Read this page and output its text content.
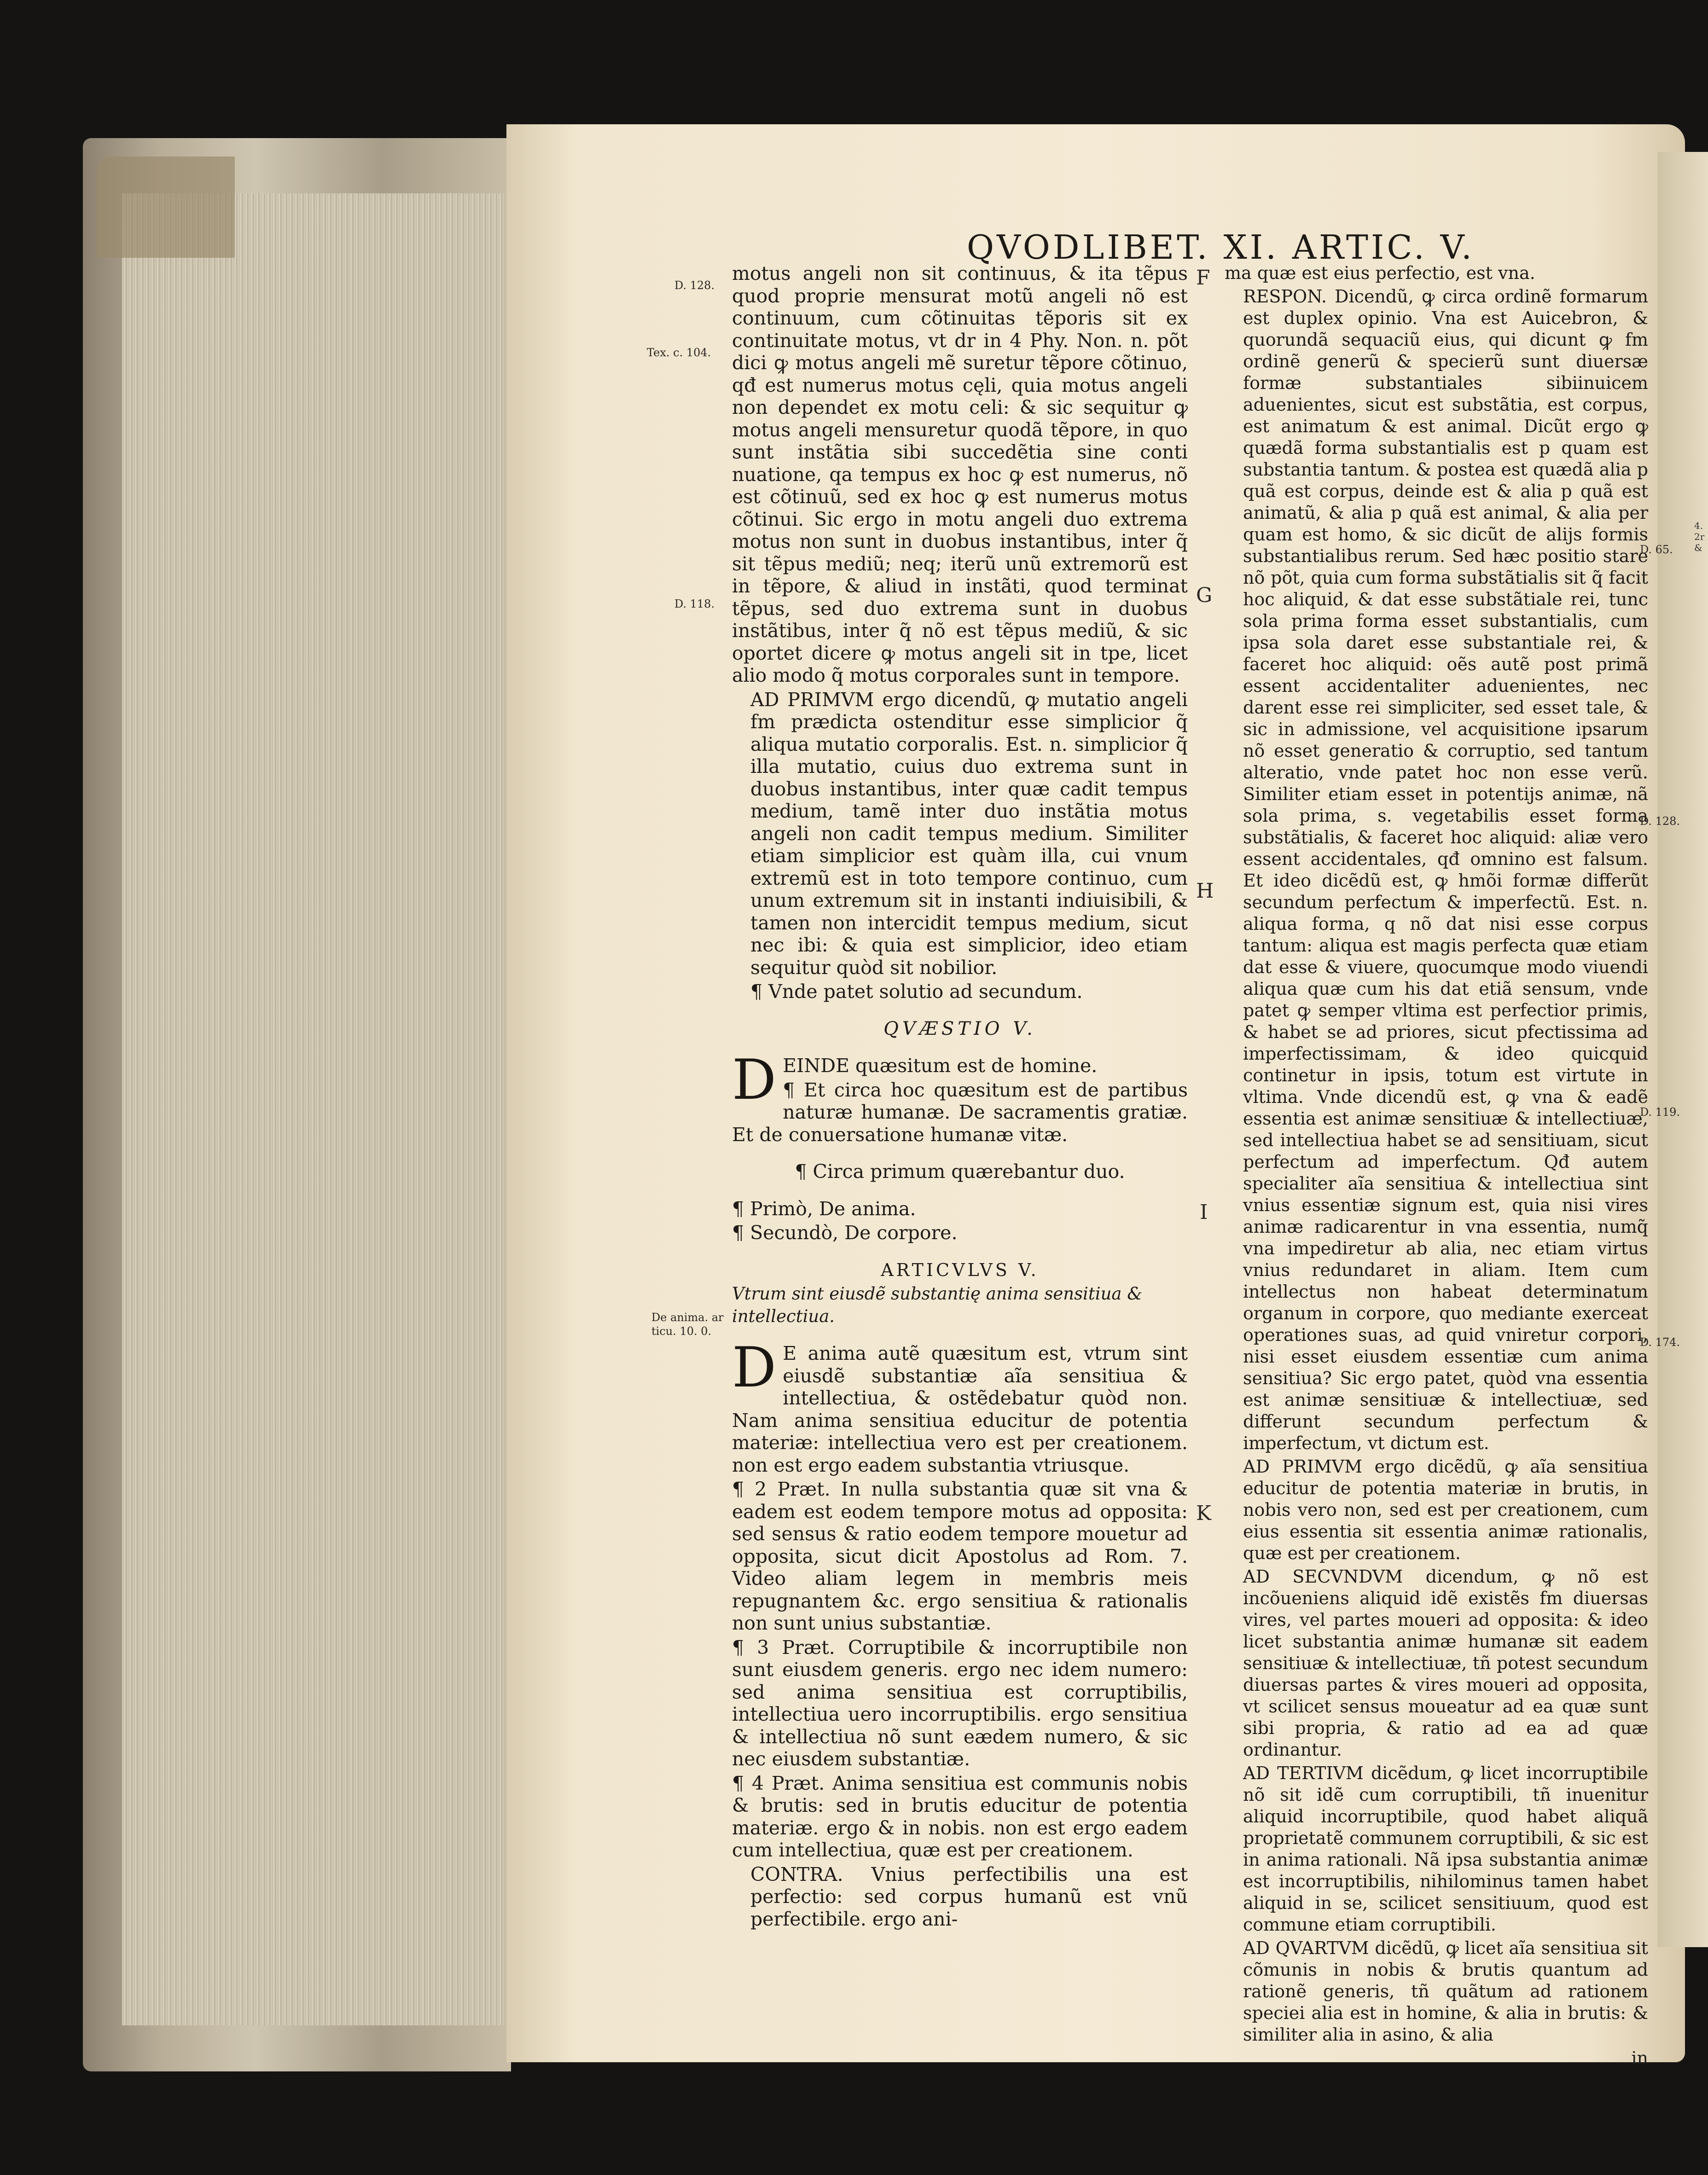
4. 2r &
QVODLIBET. XI. ARTIC. V.
D. 128.
Tex. c. 104.
D. 118.
De anima. ar
ticu. 10. 0.
F
G
H
I
K
D. 65.
D. 128.
D. 119.
D. 174.

motus angeli non sit continuus, & ita tẽpus quod proprie mensurat motũ angeli nõ est continuum, cum cõtinuitas tẽporis sit ex continuitate motus, vt dr in 4 Phy. Non. n. põt dici ꝙ motus angeli mẽ suretur tẽpore cõtinuo, qđ est numerus motus cęli, quia motus angeli non dependet ex motu celi: & sic sequitur ꝙ motus angeli mensuretur quodã tẽpore, in quo sunt instãtia sibi succedẽtia sine conti nuatione, qa tempus ex hoc ꝙ est numerus, nõ est cõtinuũ, sed ex hoc ꝙ est numerus motus cõtinui. Sic ergo in motu angeli duo extrema motus non sunt in duobus instantibus, inter q̃ sit tẽpus mediũ; neq; iterũ unũ extremorũ est in tẽpore, & aliud in instãti, quod terminat tẽpus, sed duo extrema sunt in duobus instãtibus, inter q̃ nõ est tẽpus mediũ, & sic oportet dicere ꝙ motus angeli sit in tpe, licet alio modo q̃ motus corporales sunt in tempore.

AD PRIMVM ergo dicendũ, ꝙ mutatio angeli fm prædicta ostenditur esse simplicior q̃ aliqua mutatio corporalis. Est. n. simplicior q̃ illa mutatio, cuius duo extrema sunt in duobus instantibus, inter quæ cadit tempus medium, tamẽ inter duo instãtia motus angeli non cadit tempus medium. Similiter etiam simplicior est quàm illa, cui vnum extremũ est in toto tempore continuo, cum unum extremum sit in instanti indiuisibili, & tamen non intercidit tempus medium, sicut nec ibi: & quia est simplicior, ideo etiam sequitur quòd sit nobilior.

¶ Vnde patet solutio ad secundum.

QVÆSTIO V.

DEINDE quæsitum est de homine.

¶ Et circa hoc quæsitum est de partibus naturæ humanæ. De sacramentis gratiæ. Et de conuersatione humanæ vitæ.

¶ Circa primum quærebantur duo.

¶ Primò, De anima.

¶ Secundò, De corpore.

ARTICVLVS V.

Vtrum sint eiusdẽ substantię anima sensitiua & intellectiua.

D E anima autẽ quæsitum est, vtrum sint eiusdẽ substantiæ aĩa sensitiua & intellectiua, & ostẽdebatur quòd non. Nam anima sensitiua educitur de potentia materiæ: intellectiua vero est per creationem. non est ergo eadem substantia vtriusque.

¶ 2 Præt. In nulla substantia quæ sit vna & eadem est eodem tempore motus ad opposita: sed sensus & ratio eodem tempore mouetur ad opposita, sicut dicit Apostolus ad Rom. 7. Video aliam legem in membris meis repugnantem &c. ergo sensitiua & rationalis non sunt unius substantiæ.

¶ 3 Præt. Corruptibile & incorruptibile non sunt eiusdem generis. ergo nec idem numero: sed anima sensitiua est corruptibilis, intellectiua uero incorruptibilis. ergo sensitiua & intellectiua nõ sunt eædem numero, & sic nec eiusdem substantiæ.

¶ 4 Præt. Anima sensitiua est communis nobis & brutis: sed in brutis educitur de potentia materiæ. ergo & in nobis. non est ergo eadem cum intellectiua, quæ est per creationem.

CONTRA. Vnius perfectibilis una est perfectio: sed corpus humanũ est vnũ perfectibile. ergo ani-

ma quæ est eius perfectio, est vna.

RESPON. Dicendũ, ꝙ circa ordinẽ formarum est duplex opinio. Vna est Auicebron, & quorundã sequaciũ eius, qui dicunt ꝙ fm ordinẽ generũ & specierũ sunt diuersæ formæ substantiales sibiinuicem aduenientes, sicut est substãtia, est corpus, est animatum & est animal. Dicũt ergo ꝙ quædã forma substantialis est p quam est substantia tantum. & postea est quædã alia p quã est corpus, deinde est & alia p quã est animatũ, & alia p quã est animal, & alia per quam est homo, & sic dicũt de alijs formis substantialibus rerum. Sed hæc positio stare nõ põt, quia cum forma substãtialis sit q̃ facit hoc aliquid, & dat esse substãtiale rei, tunc sola prima forma esset substantialis, cum ipsa sola daret esse substantiale rei, & faceret hoc aliquid: oẽs autẽ post primã essent accidentaliter aduenientes, nec darent esse rei simpliciter, sed esset tale, & sic in admissione, vel acquisitione ipsarum nõ esset generatio & corruptio, sed tantum alteratio, vnde patet hoc non esse verũ. Similiter etiam esset in potentijs animæ, nã sola prima, s. vegetabilis esset forma substãtialis, & faceret hoc aliquid: aliæ vero essent accidentales, qđ omnino est falsum. Et ideo dicẽdũ est, ꝙ hmõi formæ differũt secundum perfectum & imperfectũ. Est. n. aliqua forma, q nõ dat nisi esse corpus tantum: aliqua est magis perfecta quæ etiam dat esse & viuere, quocumque modo viuendi aliqua quæ cum his dat etiã sensum, vnde patet ꝙ semper vltima est perfectior primis, & habet se ad priores, sicut pfectissima ad imperfectissimam, & ideo quicquid continetur in ipsis, totum est virtute in vltima. Vnde dicendũ est, ꝙ vna & eadẽ essentia est animæ sensitiuæ & intellectiuæ, sed intellectiua habet se ad sensitiuam, sicut perfectum ad imperfectum. Qđ autem specialiter aĩa sensitiua & intellectiua sint vnius essentiæ signum est, quia nisi vires animæ radicarentur in vna essentia, numq̃ vna impediretur ab alia, nec etiam virtus vnius redundaret in aliam. Item cum intellectus non habeat determinatum organum in corpore, quo mediante exerceat operationes suas, ad quid vniretur corpori, nisi esset eiusdem essentiæ cum anima sensitiua? Sic ergo patet, quòd vna essentia est animæ sensitiuæ & intellectiuæ, sed differunt secundum perfectum & imperfectum, vt dictum est.

AD PRIMVM ergo dicẽdũ, ꝙ aĩa sensitiua educitur de potentia materiæ in brutis, in nobis vero non, sed est per creationem, cum eius essentia sit essentia animæ rationalis, quæ est per creationem.

AD SECVNDVM dicendum, ꝙ nõ est incõueniens aliquid idẽ existẽs fm diuersas vires, vel partes moueri ad opposita: & ideo licet substantia animæ humanæ sit eadem sensitiuæ & intellectiuæ, tñ potest secundum diuersas partes & vires moueri ad opposita, vt scilicet sensus moueatur ad ea quæ sunt sibi propria, & ratio ad ea ad quæ ordinantur.

AD TERTIVM dicẽdum, ꝙ licet incorruptibile nõ sit idẽ cum corruptibili, tñ inuenitur aliquid incorruptibile, quod habet aliquã proprietatẽ communem corruptibili, & sic est in anima rationali. Nã ipsa substantia animæ est incorruptibilis, nihilominus tamen habet aliquid in se, scilicet sensitiuum, quod est commune etiam corruptibili.

AD QVARTVM dicẽdũ, ꝙ licet aĩa sensitiua sit cõmunis in nobis & brutis quantum ad rationẽ generis, tñ quãtum ad rationem speciei alia est in homine, & alia in brutis: & similiter alia in asino, & alia

in
